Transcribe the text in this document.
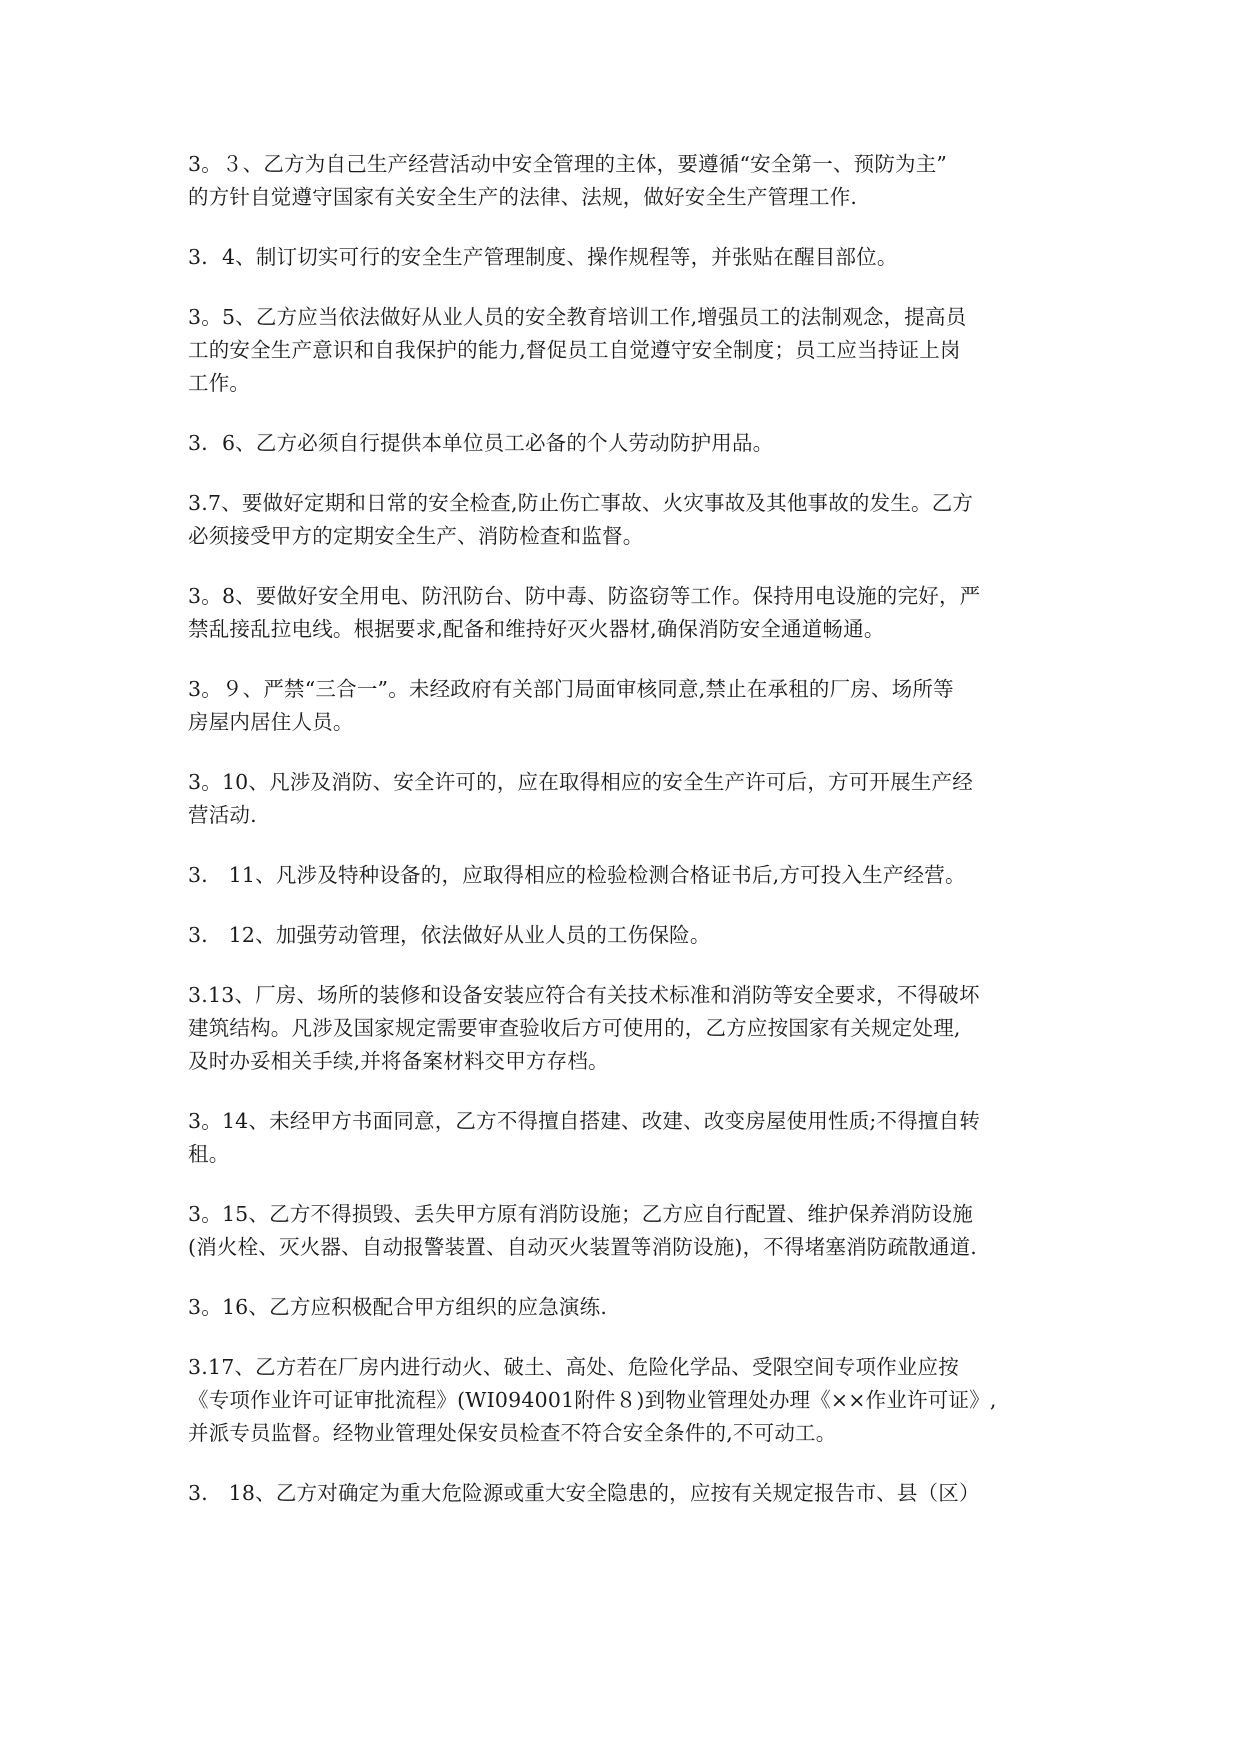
3。３、乙方为自己生产经营活动中安全管理的主体，要遵循“安全第一、预防为主”
的方针自觉遵守国家有关安全生产的法律、法规，做好安全生产管理工作.
3．4、制订切实可行的安全生产管理制度、操作规程等，并张贴在醒目部位。
3。5、乙方应当依法做好从业人员的安全教育培训工作,增强员工的法制观念，提高员
工的安全生产意识和自我保护的能力,督促员工自觉遵守安全制度；员工应当持证上岗
工作。
3．6、乙方必须自行提供本单位员工必备的个人劳动防护用品。
3.7、要做好定期和日常的安全检查,防止伤亡事故、火灾事故及其他事故的发生。乙方
必须接受甲方的定期安全生产、消防检查和监督。
3。8、要做好安全用电、防汛防台、防中毒、防盗窃等工作。保持用电设施的完好，严
禁乱接乱拉电线。根据要求,配备和维持好灭火器材,确保消防安全通道畅通。
3。９、严禁“三合一”。未经政府有关部门局面审核同意,禁止在承租的厂房、场所等
房屋内居住人员。
3。10、凡涉及消防、安全许可的，应在取得相应的安全生产许可后，方可开展生产经
营活动.
3． 11、凡涉及特种设备的，应取得相应的检验检测合格证书后,方可投入生产经营。
3． 12、加强劳动管理，依法做好从业人员的工伤保险。
3.13、厂房、场所的装修和设备安装应符合有关技术标准和消防等安全要求，不得破坏
建筑结构。凡涉及国家规定需要审查验收后方可使用的，乙方应按国家有关规定处理,
及时办妥相关手续,并将备案材料交甲方存档。
3。14、未经甲方书面同意，乙方不得擅自搭建、改建、改变房屋使用性质;不得擅自转
租。
3。15、乙方不得损毁、丢失甲方原有消防设施；乙方应自行配置、维护保养消防设施
(消火栓、灭火器、自动报警装置、自动灭火装置等消防设施)，不得堵塞消防疏散通道.
3。16、乙方应积极配合甲方组织的应急演练.
3.17、乙方若在厂房内进行动火、破土、高处、危险化学品、受限空间专项作业应按
《专项作业许可证审批流程》(WI094001附件８)到物业管理处办理《××作业许可证》,
并派专员监督。经物业管理处保安员检查不符合安全条件的,不可动工。
3． 18、乙方对确定为重大危险源或重大安全隐患的，应按有关规定报告市、县（区）
